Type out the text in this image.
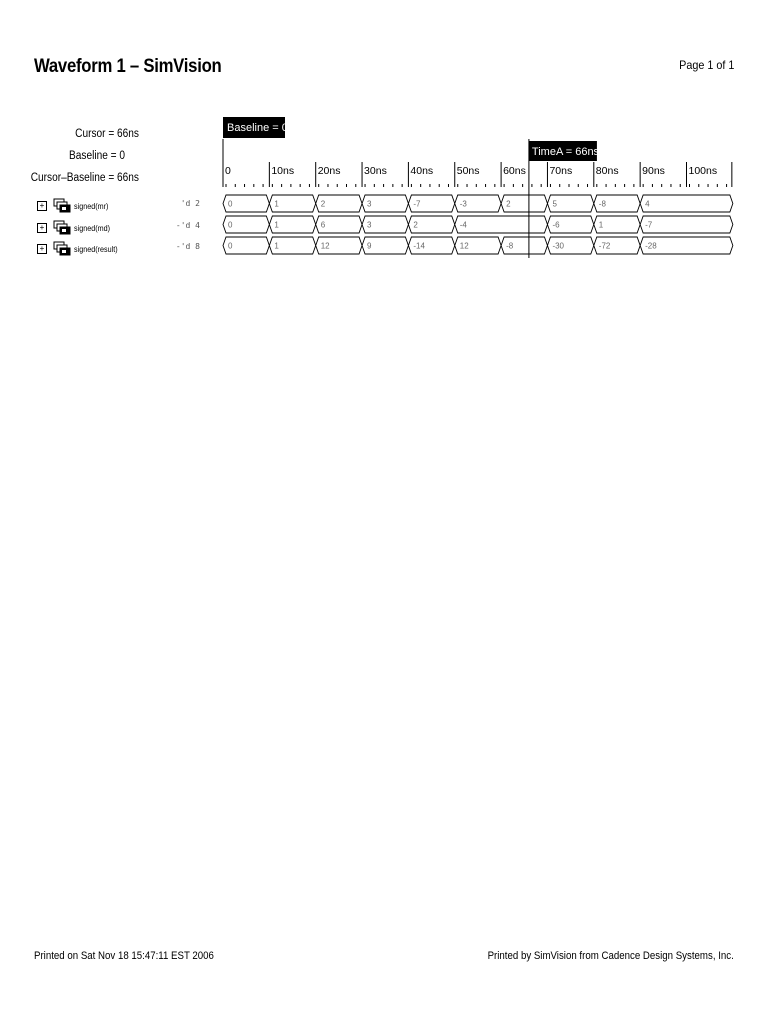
Waveform 1 – SimVision	Page 1 of 1
Cursor = 66ns
Baseline = 0
Cursor–Baseline = 66ns
+	signed(mr)	'd 2
+	signed(md)	-'d 4
+	signed(result)	-'d 8
Baseline = 0
TimeA = 66ns
0	10ns 20ns 30ns 40ns 50ns 60ns 70ns 80ns 90ns 100ns
0	1	2	3	-7	-3	2	5	-8	4
0	1	6	3	2	-4	-6	1	-7
0	1	12	9	-14	12	-8	-30	-72	-28
Printed on Sat Nov 18 15:47:11 EST 2006	Printed by SimVision from Cadence Design Systems, Inc.
